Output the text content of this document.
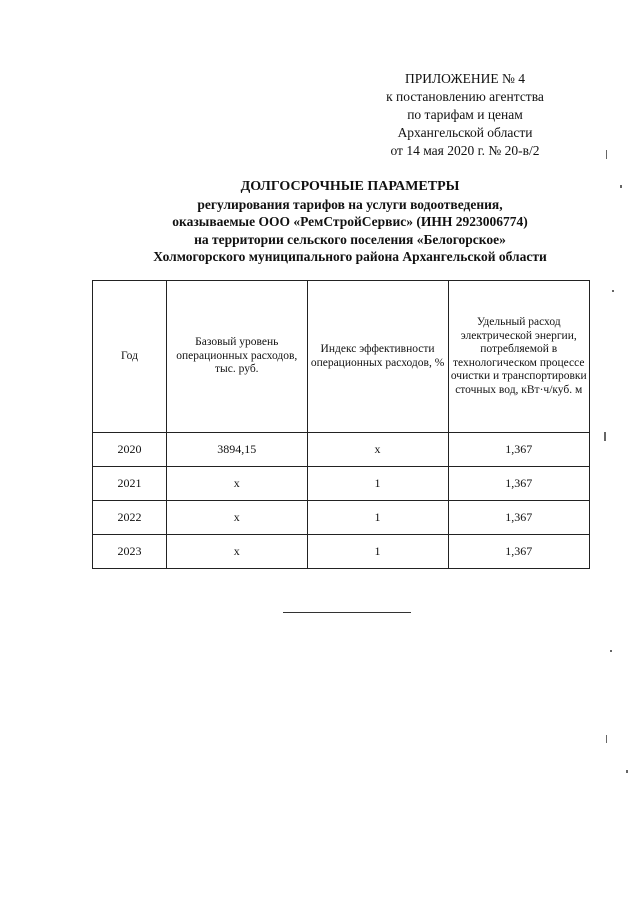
ПРИЛОЖЕНИЕ № 4
к постановлению агентства
по тарифам и ценам
Архангельской области
от 14 мая 2020 г. № 20-в/2
ДОЛГОСРОЧНЫЕ ПАРАМЕТРЫ
регулирования тарифов на услуги водоотведения,
оказываемые ООО «РемСтройСервис» (ИНН 2923006774)
на территории сельского поселения «Белогорское»
Холмогорского муниципального района Архангельской области
Год	Базовый уровень операционных расходов, тыс. руб.	Индекс эффективности операционных расходов, %	Удельный расход электрической энергии, потребляемой в технологическом процессе очистки и транспортировки сточных вод, кВт·ч/куб. м
2020	3894,15	х	1,367
2021	х	1	1,367
2022	х	1	1,367
2023	х	1	1,367
